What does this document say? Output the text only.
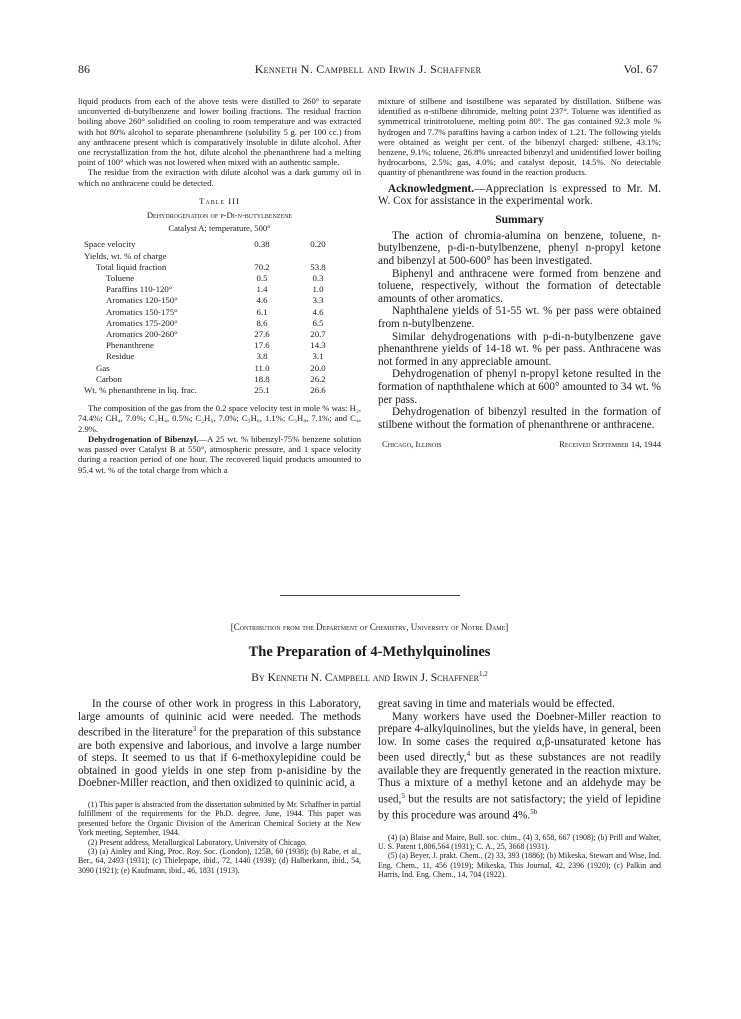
86	Kenneth N. Campbell and Irwin J. Schaffner	Vol. 67

liquid products from each of the above tests were distilled to 260° to separate unconverted di-butylbenzene and lower boiling fractions. The residual fraction boiling above 260° solidified on cooling to room temperature and was extracted with hot 80% alcohol to separate phenanthrene (solubility 5 g. per 100 cc.) from any anthracene present which is comparatively insoluble in dilute alcohol. After one recrystallization from the hot, dilute alcohol the phenanthrene had a melting point of 100° which was not lowered when mixed with an authentic sample.

The residue from the extraction with dilute alcohol was a dark gummy oil in which no anthracene could be detected.

Table III
Dehydrogenation of p-Di-n-butylbenzene
Catalyst A; temperature, 500°
Space velocity	0.38	0.20
Yields, wt. % of charge		
Total liquid fraction	70.2	53.8
Toluene	0.5	0.3
Paraffins 110-120°	1.4	1.0
Aromatics 120-150°	4.6	3.3
Aromatics 150-175°	6.1	4.6
Aromatics 175-200°	8.6	6.5
Aromatics 200-260°	27.6	20.7
Phenanthrene	17.6	14.3
Residue	3.8	3.1
Gas	11.0	20.0
Carbon	18.8	26.2
Wt. % phenanthrene in liq. frac.	25.1	26.6

The composition of the gas from the 0.2 space velocity test in mole % was: H₂, 74.4%; CH₄, 7.0%; C₂H₄, 0.5%; C₂H₆, 7.0%; C₃H₆, 1.1%; C₃H₈, 7.1%; and C₄, 2.9%.

Dehydrogenation of Bibenzyl.—A 25 wt. % bibenzyl-75% benzene solution was passed over Catalyst B at 550°, atmospheric pressure, and 1 space velocity during a reaction period of one hour. The recovered liquid products amounted to 95.4 wt. % of the total charge from which a

mixture of stilbene and isostilbene was separated by distillation. Stilbene was identified as α-stilbene dibromide, melting point 237°. Toluene was identified as symmetrical trinitrotoluene, melting point 80°. The gas contained 92.3 mole % hydrogen and 7.7% paraffins having a carbon index of 1.21. The following yields were obtained as weight per cent. of the bibenzyl charged: stilbene, 43.1%; benzene, 9.1%; toluene, 26.8% unreacted bibenzyl and unidentified lower boiling hydrocarbons, 2.5%; gas, 4.0%; and catalyst deposit, 14.5%. No detectable quantity of phenanthrene was found in the reaction products.

Acknowledgment.—Appreciation is expressed to Mr. M. W. Cox for assistance in the experimental work.

Summary

The action of chromia-alumina on benzene, toluene, n-butylbenzene, p-di-n-butylbenzene, phenyl n-propyl ketone and bibenzyl at 500-600° has been investigated.

Biphenyl and anthracene were formed from benzene and toluene, respectively, without the formation of detectable amounts of other aromatics.

Naphthalene yields of 51-55 wt. % per pass were obtained from n-butylbenzene.

Similar dehydrogenations with p-di-n-butylbenzene gave phenanthrene yields of 14-18 wt. % per pass. Anthracene was not formed in any appreciable amount.

Dehydrogenation of phenyl n-propyl ketone resulted in the formation of napththalene which at 600° amounted to 34 wt. % per pass.

Dehydrogenation of bibenzyl resulted in the formation of stilbene without the formation of phenanthrene or anthracene.

Chicago, Illinois	Received September 14, 1944
[Contribution from the Department of Chemistry, University of Notre Dame]
The Preparation of 4-Methylquinolines
By Kenneth N. Campbell and Irwin J. Schaffner$^{1,2}$

In the course of other work in progress in this Laboratory, large amounts of quininic acid were needed. The methods described in the literature$^3$ for the preparation of this substance are both expensive and laborious, and involve a large number of steps. It seemed to us that if 6-methoxylepidine could be obtained in good yields in one step from p-anisidine by the Doebner-Miller reaction, and then oxidized to quininic acid, a

(1) This paper is abstracted from the dissertation submitted by Mr. Schaffner in partial fulfillment of the requirements for the Ph.D. degree, June, 1944. This paper was presented before the Organic Division of the American Chemical Society at the New York meeting, September, 1944.

(2) Present address, Metallurgical Laboratory, University of Chicago.

(3) (a) Ainley and King, Proc. Roy. Soc. (London), 125B, 60 (1938); (b) Rabe, et al., Ber., 64, 2493 (1931); (c) Thielepape, ibid., 72, 1440 (1939); (d) Halberkann, ibid., 54, 3090 (1921); (e) Kaufmann, ibid., 46, 1831 (1913).

great saving in time and materials would be effected.

Many workers have used the Doebner-Miller reaction to prepare 4-alkylquinolines, but the yields have, in general, been low. In some cases the required α,β-unsaturated ketone has been used directly,$^4$ but as these substances are not readily available they are frequently generated in the reaction mixture. Thus a mixture of a methyl ketone and an aldehyde may be used,$^5$ but the results are not satisfactory; the yield of lepidine by this procedure was around 4%.$^{5b}$

(4) (a) Blaise and Maire, Bull. soc. chim., (4) 3, 658, 667 (1908); (b) Prill and Walter, U. S. Patent 1,806,564 (1931); C. A., 25, 3668 (1931).

(5) (a) Beyer, J. prakt. Chem., (2) 33, 393 (1886); (b) Mikeska, Stewart and Wise, Ind. Eng. Chem., 11, 456 (1919); Mikeska, This Journal, 42, 2396 (1920); (c) Palkin and Harris, Ind. Eng. Chem., 14, 704 (1922).
